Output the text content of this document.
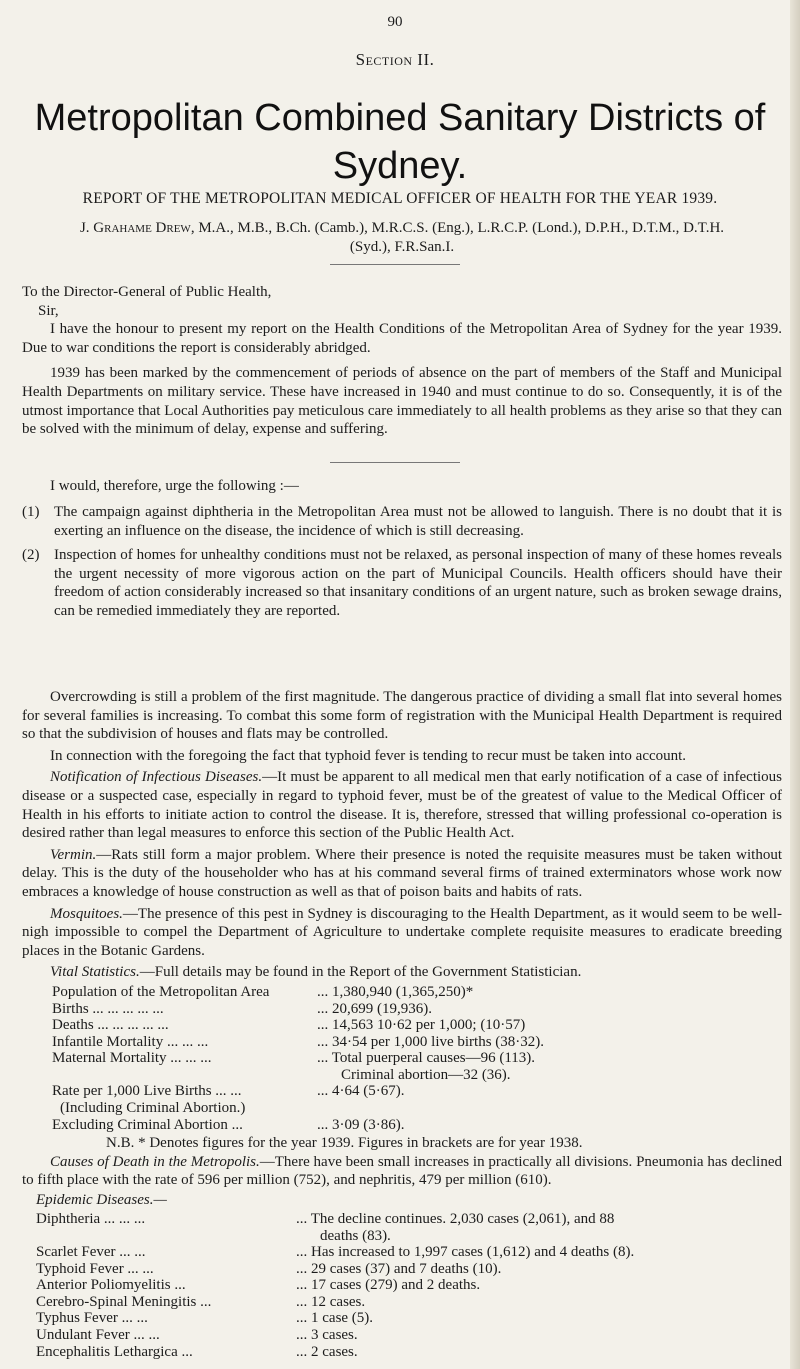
90
Section II.
Metropolitan Combined Sanitary Districts of
Sydney.
REPORT OF THE METROPOLITAN MEDICAL OFFICER OF HEALTH FOR THE YEAR 1939.
J. Grahame Drew, M.A., M.B., B.Ch. (Camb.), M.R.C.S. (Eng.), L.R.C.P. (Lond.), D.P.H., D.T.M., D.T.H.
(Syd.), F.R.San.I.

To the Director-General of Public Health,

Sir,

I have the honour to present my report on the Health Conditions of the Metropolitan Area of Sydney for the year 1939. Due to war conditions the report is considerably abridged.

1939 has been marked by the commencement of periods of absence on the part of members of the Staff and Municipal Health Departments on military service. These have increased in 1940 and must continue to do so. Consequently, it is of the utmost importance that Local Authorities pay meticulous care immediately to all health problems as they arise so that they can be solved with the minimum of delay, expense and suffering.

I would, therefore, urge the following :—

(1) The campaign against diphtheria in the Metropolitan Area must not be allowed to languish. There is no doubt that it is exerting an influence on the disease, the incidence of which is still decreasing.
(2) Inspection of homes for unhealthy conditions must not be relaxed, as personal inspection of many of these homes reveals the urgent necessity of more vigorous action on the part of Municipal Councils. Health officers should have their freedom of action considerably increased so that insanitary conditions of an urgent nature, such as broken sewage drains, can be remedied immediately they are reported.

Overcrowding is still a problem of the first magnitude. The dangerous practice of dividing a small flat into several homes for several families is increasing. To combat this some form of registration with the Municipal Health Department is required so that the subdivision of houses and flats may be controlled.

In connection with the foregoing the fact that typhoid fever is tending to recur must be taken into account.

Notification of Infectious Diseases.—It must be apparent to all medical men that early notification of a case of infectious disease or a suspected case, especially in regard to typhoid fever, must be of the greatest of value to the Medical Officer of Health in his efforts to initiate action to control the disease. It is, therefore, stressed that willing professional co-operation is desired rather than legal measures to enforce this section of the Public Health Act.

Vermin.—Rats still form a major problem. Where their presence is noted the requisite measures must be taken without delay. This is the duty of the householder who has at his command several firms of trained exterminators whose work now embraces a knowledge of house construction as well as that of poison baits and habits of rats.

Mosquitoes.—The presence of this pest in Sydney is discouraging to the Health Department, as it would seem to be well-nigh impossible to compel the Department of Agriculture to undertake complete requisite measures to eradicate breeding places in the Botanic Gardens.

Vital Statistics.—Full details may be found in the Report of the Government Statistician.

Population of the Metropolitan Area	... 1,380,940 (1,365,250)*
Births ... ... ... ... ...	... 20,699 (19,936).
Deaths ... ... ... ... ...	... 14,563 10·62 per 1,000; (10·57)
Infantile Mortality ... ... ...	... 34·54 per 1,000 live births (38·32).
Maternal Mortality ... ... ...	... Total puerperal causes—96 (113).
Criminal abortion—32 (36).
Rate per 1,000 Live Births ... ...	... 4·64 (5·67).
(Including Criminal Abortion.)
Excluding Criminal Abortion ...	... 3·09 (3·86).

N.B. * Denotes figures for the year 1939. Figures in brackets are for year 1938.

Causes of Death in the Metropolis.—There have been small increases in practically all divisions. Pneumonia has declined to fifth place with the rate of 596 per million (752), and nephritis, 479 per million (610).

Epidemic Diseases.—
Diphtheria ... ... ...	... The decline continues. 2,030 cases (2,061), and 88
deaths (83).
Scarlet Fever ... ...	... Has increased to 1,997 cases (1,612) and 4 deaths (8).
Typhoid Fever ... ...	... 29 cases (37) and 7 deaths (10).
Anterior Poliomyelitis ...	... 17 cases (279) and 2 deaths.
Cerebro-Spinal Meningitis ...	... 12 cases.
Typhus Fever ... ...	... 1 case (5).
Undulant Fever ... ...	... 3 cases.
Encephalitis Lethargica ...	... 2 cases.
